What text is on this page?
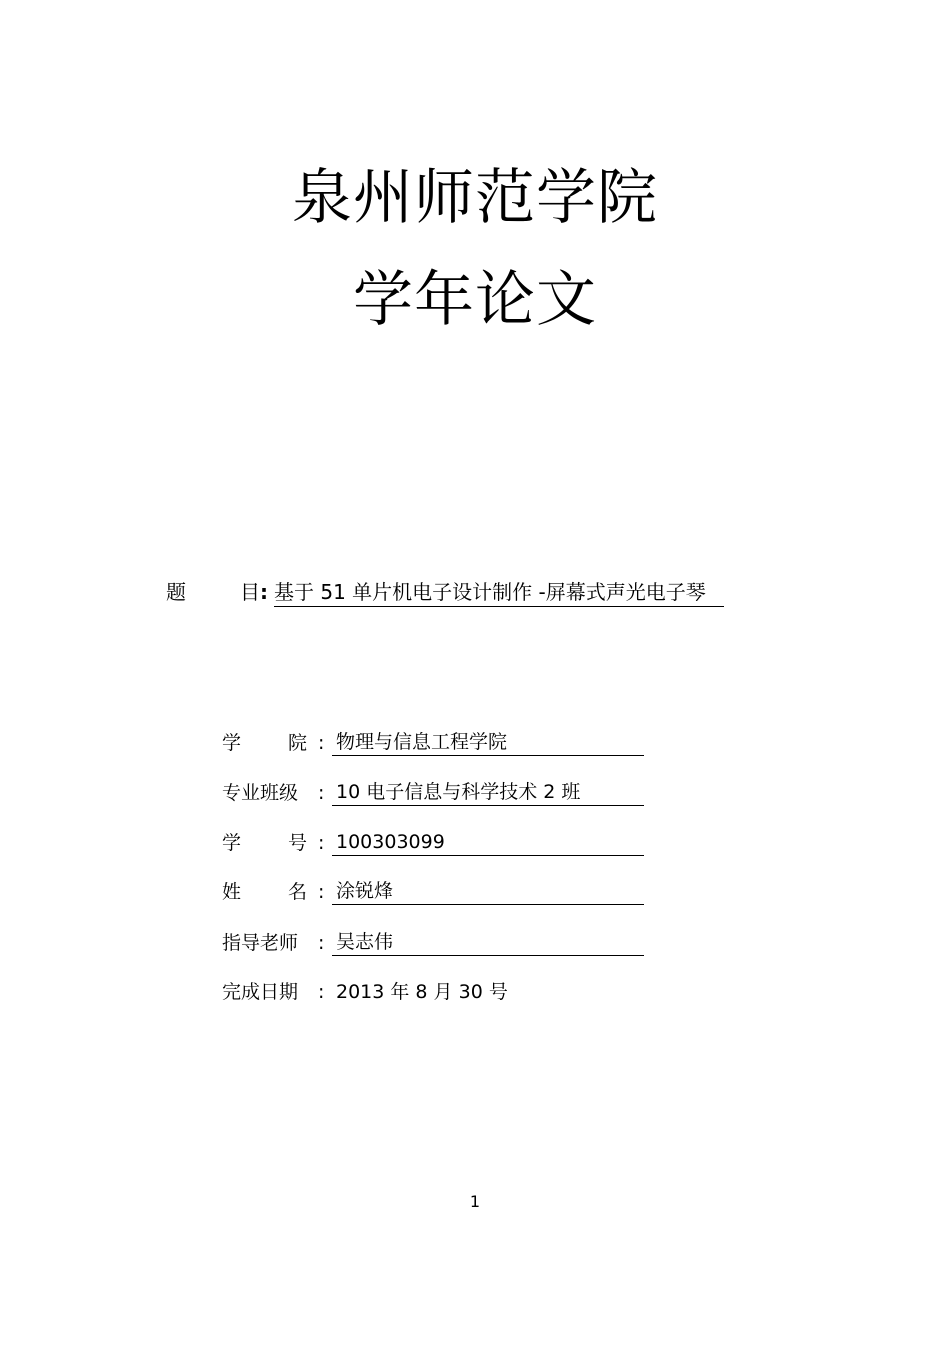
泉州师范学院
学年论文
题	目: 基于 51 单片机电子设计制作 -屏幕式声光电子琴
学 院 : 物理与信息工程学院
专业班级	: 10 电子信息与科学技术 2 班
学 号 : 100303099
姓 名 : 涂锐烽
指导老师	: 吴志伟
完成日期	: 2013 年 8 月 30 号
1
